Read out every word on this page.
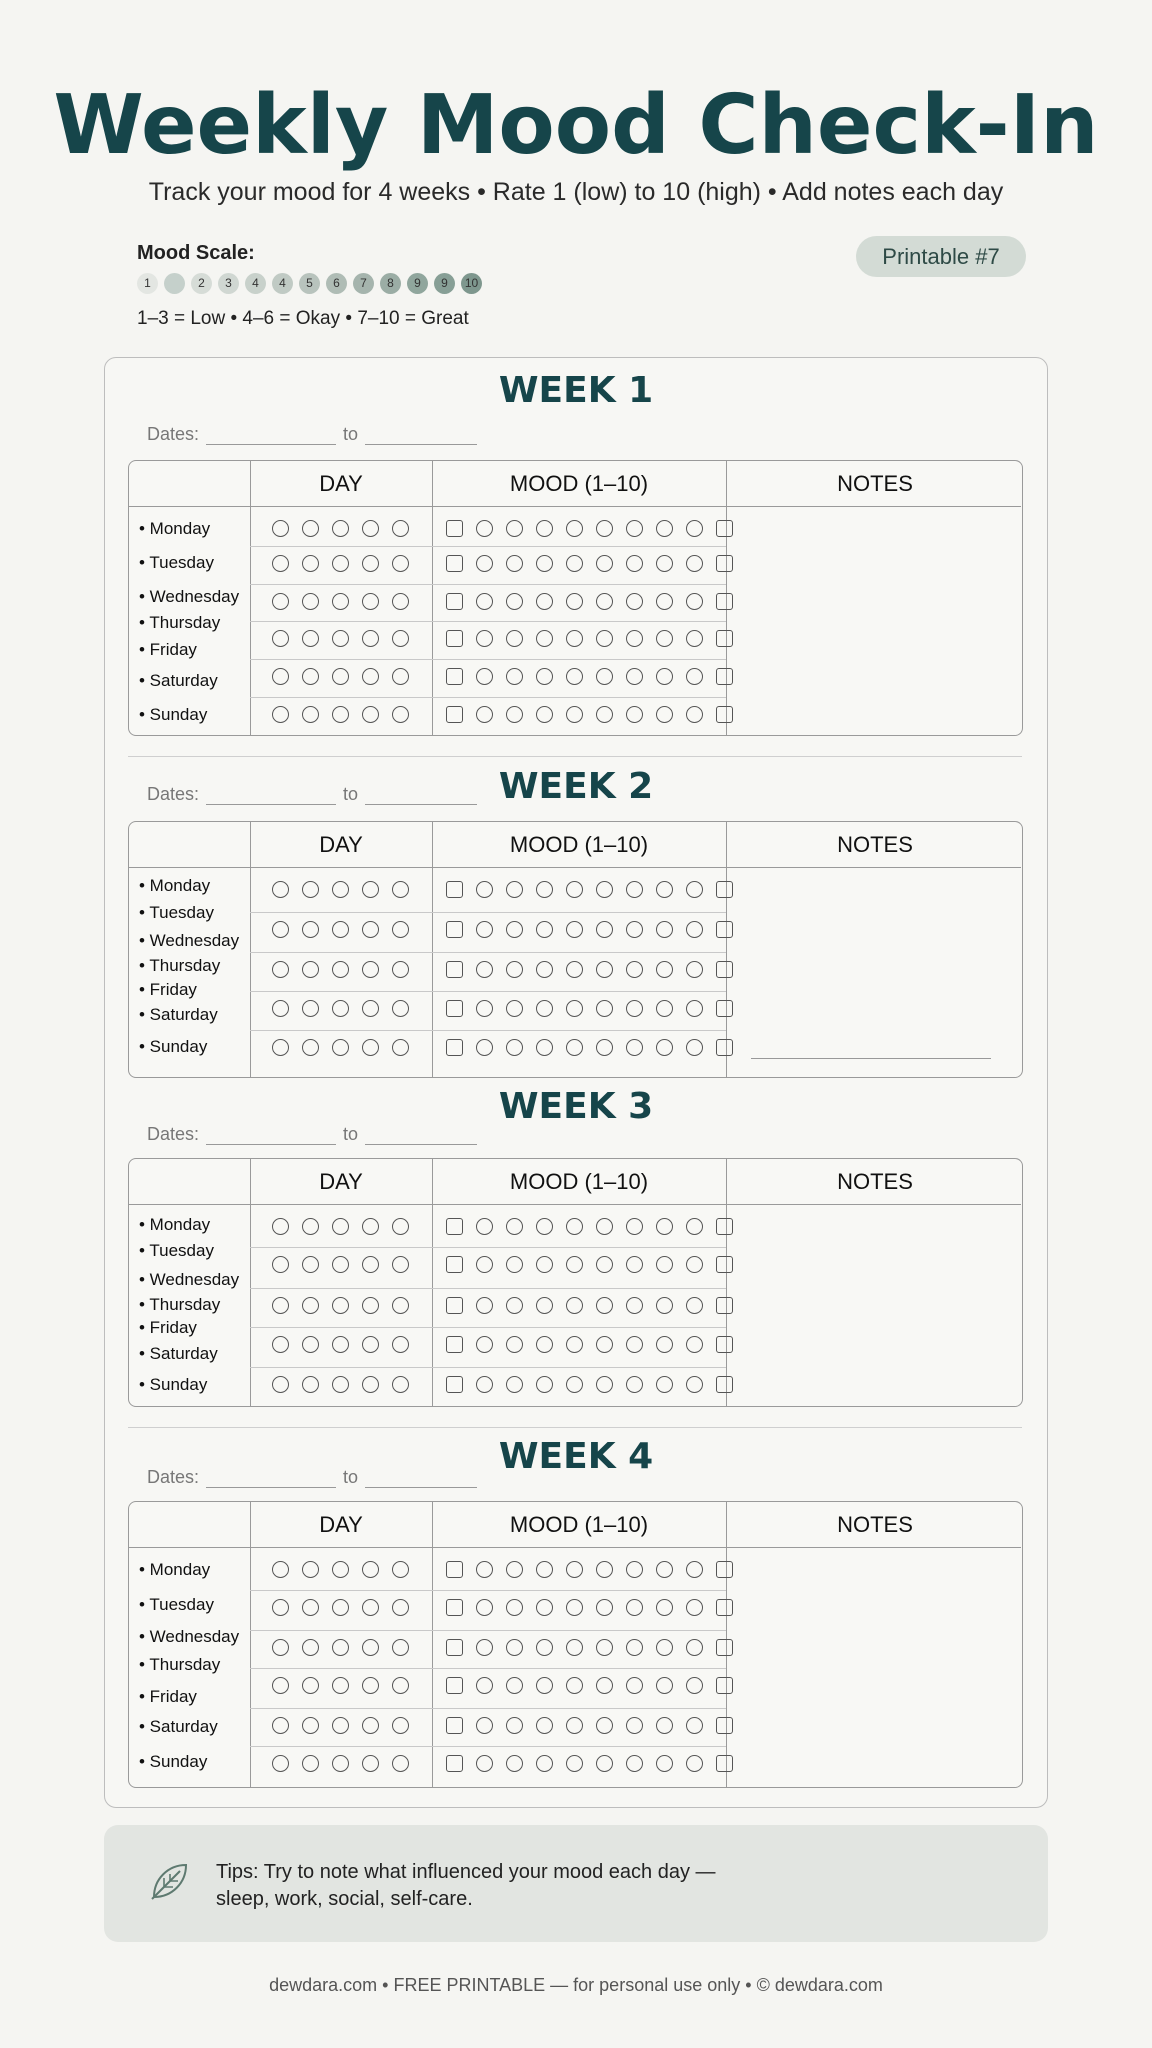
Weekly Mood Check-In
Track your mood for 4 weeks • Rate 1 (low) to 10 (high) • Add notes each day
Mood Scale:
1	2	3	4	4	5	6	7	8	9	9	10
1–3 = Low • 4–6 = Okay • 7–10 = Great
Printable #7
WEEK 1
Dates:	to
DAY	MOOD (1–10)	NOTES
• Monday
• Tuesday
• Wednesday
• Thursday
• Friday
• Saturday
• Sunday
WEEK 2
Dates:	to
DAY	MOOD (1–10)	NOTES
• Monday
• Tuesday
• Wednesday
• Thursday
• Friday
• Saturday
• Sunday
WEEK 3
Dates:	to
DAY	MOOD (1–10)	NOTES
• Monday
• Tuesday
• Wednesday
• Thursday
• Friday
• Saturday
• Sunday
WEEK 4
Dates:	to
DAY	MOOD (1–10)	NOTES
• Monday
• Tuesday
• Wednesday
• Thursday
• Friday
• Saturday
• Sunday
Tips: Try to note what influenced your mood each day —
sleep, work, social, self-care.
dewdara.com • FREE PRINTABLE — for personal use only • © dewdara.com
